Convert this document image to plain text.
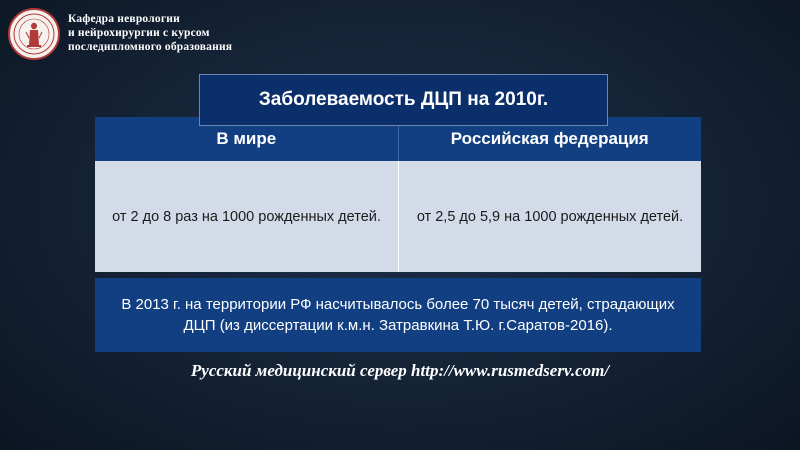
Кафедра неврологии
и нейрохирургии с курсом
последипломного образования
В мире	Российская федерация
от 2 до 8 раз на 1000 рожденных детей.	от 2,5 до 5,9 на 1000 рожденных детей.
Заболеваемость ДЦП на 2010г.
В 2013 г. на территории РФ насчитывалось более 70 тысяч детей, страдающих ДЦП (из диссертации к.м.н. Затравкина Т.Ю. г.Саратов-2016).
Русский медицинский сервер http://www.rusmedserv.com/
